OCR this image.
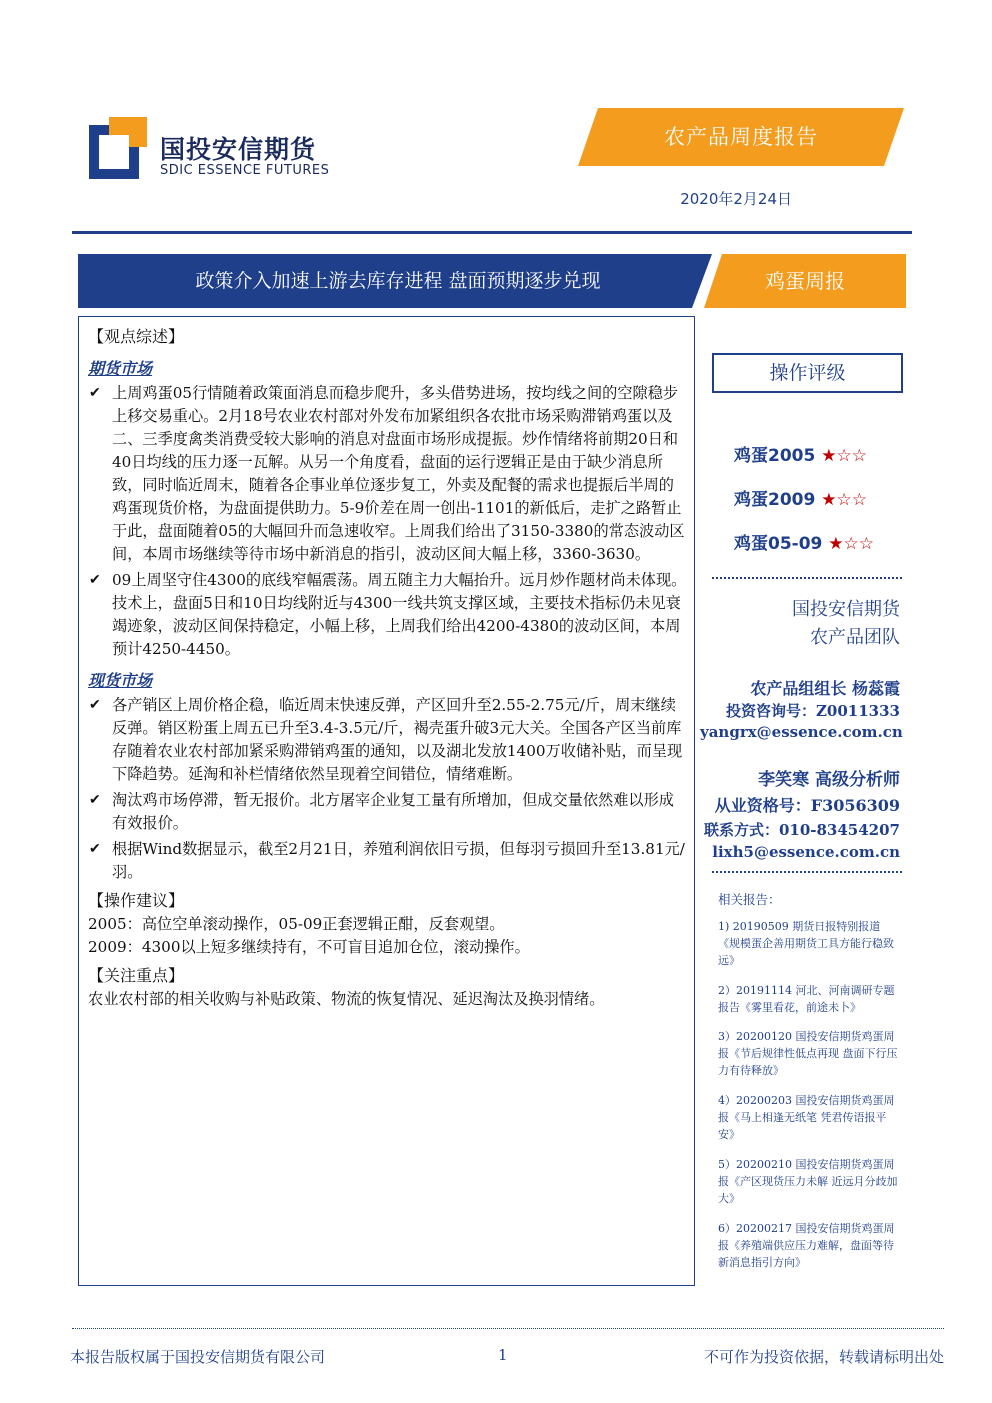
国投安信期货
SDIC ESSENCE FUTURES
农产品周度报告
2020年2月24日
政策介入加速上游去库存进程 盘面预期逐步兑现	鸡蛋周报
【观点综述】
期货市场
✔ 上周鸡蛋05行情随着政策面消息而稳步爬升，多头借势进场，按均线之间的空隙稳步上移交易重心。2月18号农业农村部对外发布加紧组织各农批市场采购滞销鸡蛋以及二、三季度禽类消费受较大影响的消息对盘面市场形成提振。炒作情绪将前期20日和40日均线的压力逐一瓦解。从另一个角度看，盘面的运行逻辑正是由于缺少消息所致，同时临近周末，随着各企事业单位逐步复工，外卖及配餐的需求也提振后半周的鸡蛋现货价格，为盘面提供助力。5-9价差在周一创出-1101的新低后，走扩之路暂止于此，盘面随着05的大幅回升而急速收窄。上周我们给出了3150-3380的常态波动区间，本周市场继续等待市场中新消息的指引，波动区间大幅上移，3360-3630。
✔ 09上周坚守住4300的底线窄幅震荡。周五随主力大幅抬升。远月炒作题材尚未体现。技术上，盘面5日和10日均线附近与4300一线共筑支撑区域，主要技术指标仍未见衰竭迹象，波动区间保持稳定，小幅上移，上周我们给出4200-4380的波动区间，本周预计4250-4450。
现货市场
✔ 各产销区上周价格企稳，临近周末快速反弹，产区回升至2.55-2.75元/斤，周末继续反弹。销区粉蛋上周五已升至3.4-3.5元/斤，褐壳蛋升破3元大关。全国各产区当前库存随着农业农村部加紧采购滞销鸡蛋的通知，以及湖北发放1400万收储补贴，而呈现下降趋势。延淘和补栏情绪依然呈现着空间错位，情绪难断。
✔ 淘汰鸡市场停滞，暂无报价。北方屠宰企业复工量有所增加，但成交量依然难以形成有效报价。
✔ 根据Wind数据显示，截至2月21日，养殖利润依旧亏损，但每羽亏损回升至13.81元/羽。
【操作建议】
2005：高位空单滚动操作，05-09正套逻辑正酣，反套观望。
2009：4300以上短多继续持有，不可盲目追加仓位，滚动操作。
【关注重点】
农业农村部的相关收购与补贴政策、物流的恢复情况、延迟淘汰及换羽情绪。
操作评级
鸡蛋2005 ★☆☆
鸡蛋2009 ★☆☆
鸡蛋05-09 ★☆☆
国投安信期货
农产品团队
农产品组组长 杨蕊霞
投资咨询号：Z0011333
yangrx@essence.com.cn
李笑寒 高级分析师
从业资格号：F3056309
联系方式：010-83454207
lixh5@essence.com.cn
相关报告：
1) 20190509 期货日报特别报道《规模蛋企善用期货工具方能行稳致远》
2）20191114 河北、河南调研专题报告《雾里看花，前途未卜》
3）20200120 国投安信期货鸡蛋周报《节后规律性低点再现 盘面下行压力有待释放》
4）20200203 国投安信期货鸡蛋周报《马上相逢无纸笔 凭君传语报平安》
5）20200210 国投安信期货鸡蛋周报《产区现货压力未解 近远月分歧加大》
6）20200217 国投安信期货鸡蛋周报《养殖端供应压力难解，盘面等待新消息指引方向》
本报告版权属于国投安信期货有限公司	1	不可作为投资依据，转载请标明出处
